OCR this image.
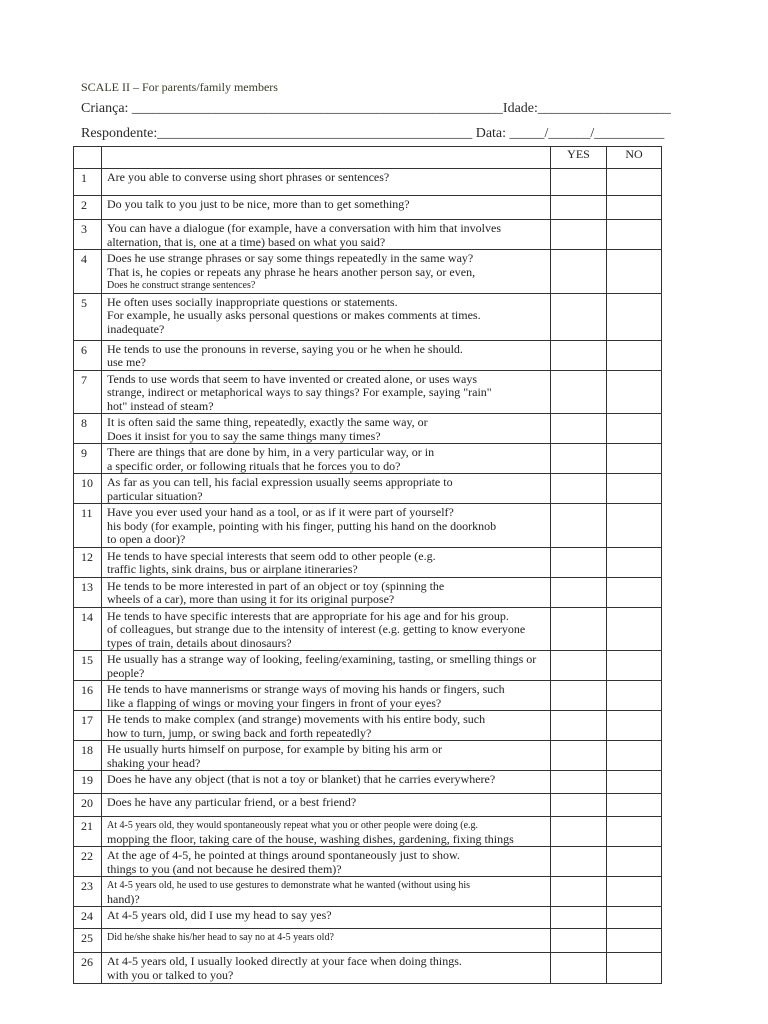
SCALE II – For parents/family members
Criança: _____________________________________________________Idade:___________________
Respondente:_____________________________________________ Data: _____/______/__________
		YES	NO
1	Are you able to converse using short phrases or sentences?		

2	Do you talk to you just to be nice, more than to get something?		

3	You can have a dialogue (for example, have a conversation with him that involves
alternation, that is, one at a time) based on what you said?		

4	Does he use strange phrases or say some things repeatedly in the same way?
That is, he copies or repeats any phrase he hears another person say, or even,
Does he construct strange sentences?		

5	He often uses socially inappropriate questions or statements.
For example, he usually asks personal questions or makes comments at times.
inadequate?		

6	He tends to use the pronouns in reverse, saying you or he when he should.
use me?		

7	Tends to use words that seem to have invented or created alone, or uses ways
strange, indirect or metaphorical ways to say things? For example, saying "rain"
hot" instead of steam?		

8	It is often said the same thing, repeatedly, exactly the same way, or
Does it insist for you to say the same things many times?		

9	There are things that are done by him, in a very particular way, or in
a specific order, or following rituals that he forces you to do?		

10	As far as you can tell, his facial expression usually seems appropriate to
particular situation?		

11	Have you ever used your hand as a tool, or as if it were part of yourself?
his body (for example, pointing with his finger, putting his hand on the doorknob
to open a door)?		

12	He tends to have special interests that seem odd to other people (e.g.
traffic lights, sink drains, bus or airplane itineraries?		

13	He tends to be more interested in part of an object or toy (spinning the
wheels of a car), more than using it for its original purpose?		

14	He tends to have specific interests that are appropriate for his age and for his group.
of colleagues, but strange due to the intensity of interest (e.g. getting to know everyone
types of train, details about dinosaurs?		

15	He usually has a strange way of looking, feeling/examining, tasting, or smelling things or
people?		

16	He tends to have mannerisms or strange ways of moving his hands or fingers, such
like a flapping of wings or moving your fingers in front of your eyes?		

17	He tends to make complex (and strange) movements with his entire body, such
how to turn, jump, or swing back and forth repeatedly?		

18	He usually hurts himself on purpose, for example by biting his arm or
shaking your head?		

19	Does he have any object (that is not a toy or blanket) that he carries everywhere?		

20	Does he have any particular friend, or a best friend?		

21	At 4-5 years old, they would spontaneously repeat what you or other people were doing (e.g.
mopping the floor, taking care of the house, washing dishes, gardening, fixing things		

22	At the age of 4-5, he pointed at things around spontaneously just to show.
things to you (and not because he desired them)?		

23	At 4-5 years old, he used to use gestures to demonstrate what he wanted (without using his
hand)?		

24	At 4-5 years old, did I use my head to say yes?		

25	Did he/she shake his/her head to say no at 4-5 years old?		

26	At 4-5 years old, I usually looked directly at your face when doing things.
with you or talked to you?		
